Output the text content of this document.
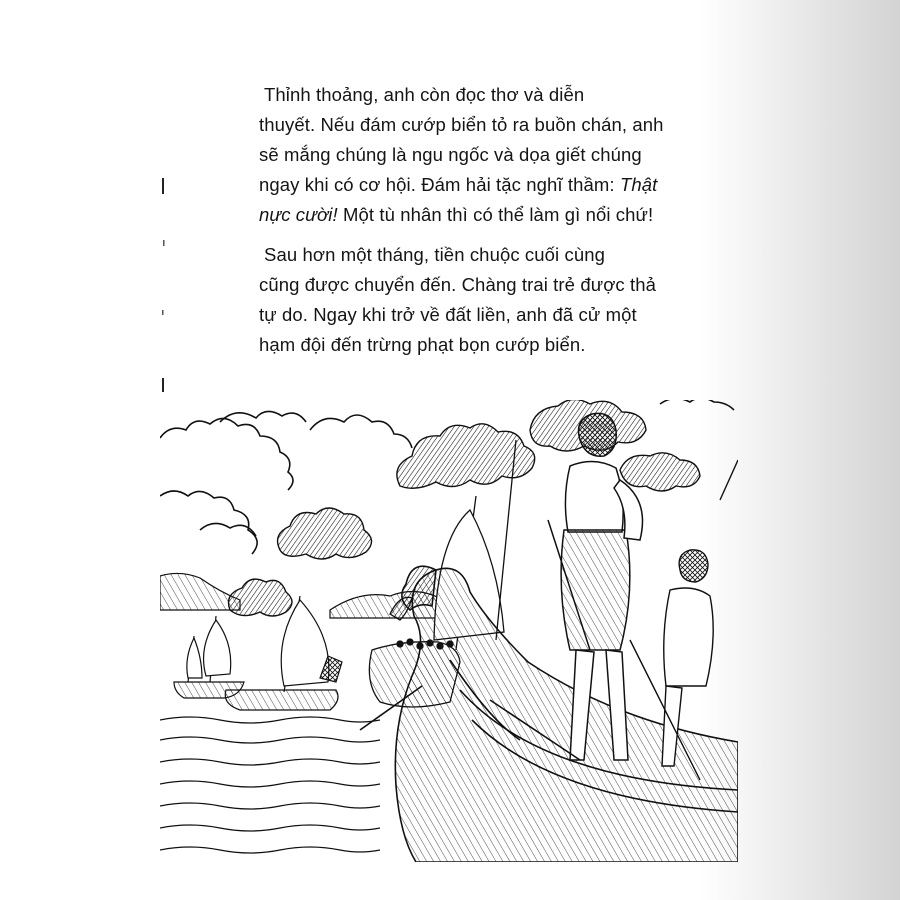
Thỉnh thoảng, anh còn đọc thơ và diễn
thuyết. Nếu đám cướp biển tỏ ra buồn chán, anh
sẽ mắng chúng là ngu ngốc và dọa giết chúng
ngay khi có cơ hội. Đám hải tặc nghĩ thầm: Thật
nực cười! Một tù nhân thì có thể làm gì nổi chứ!

Sau hơn một tháng, tiền chuộc cuối cùng
cũng được chuyển đến. Chàng trai trẻ được thả
tự do. Ngay khi trở về đất liền, anh đã cử một
hạm đội đến trừng phạt bọn cướp biển.
